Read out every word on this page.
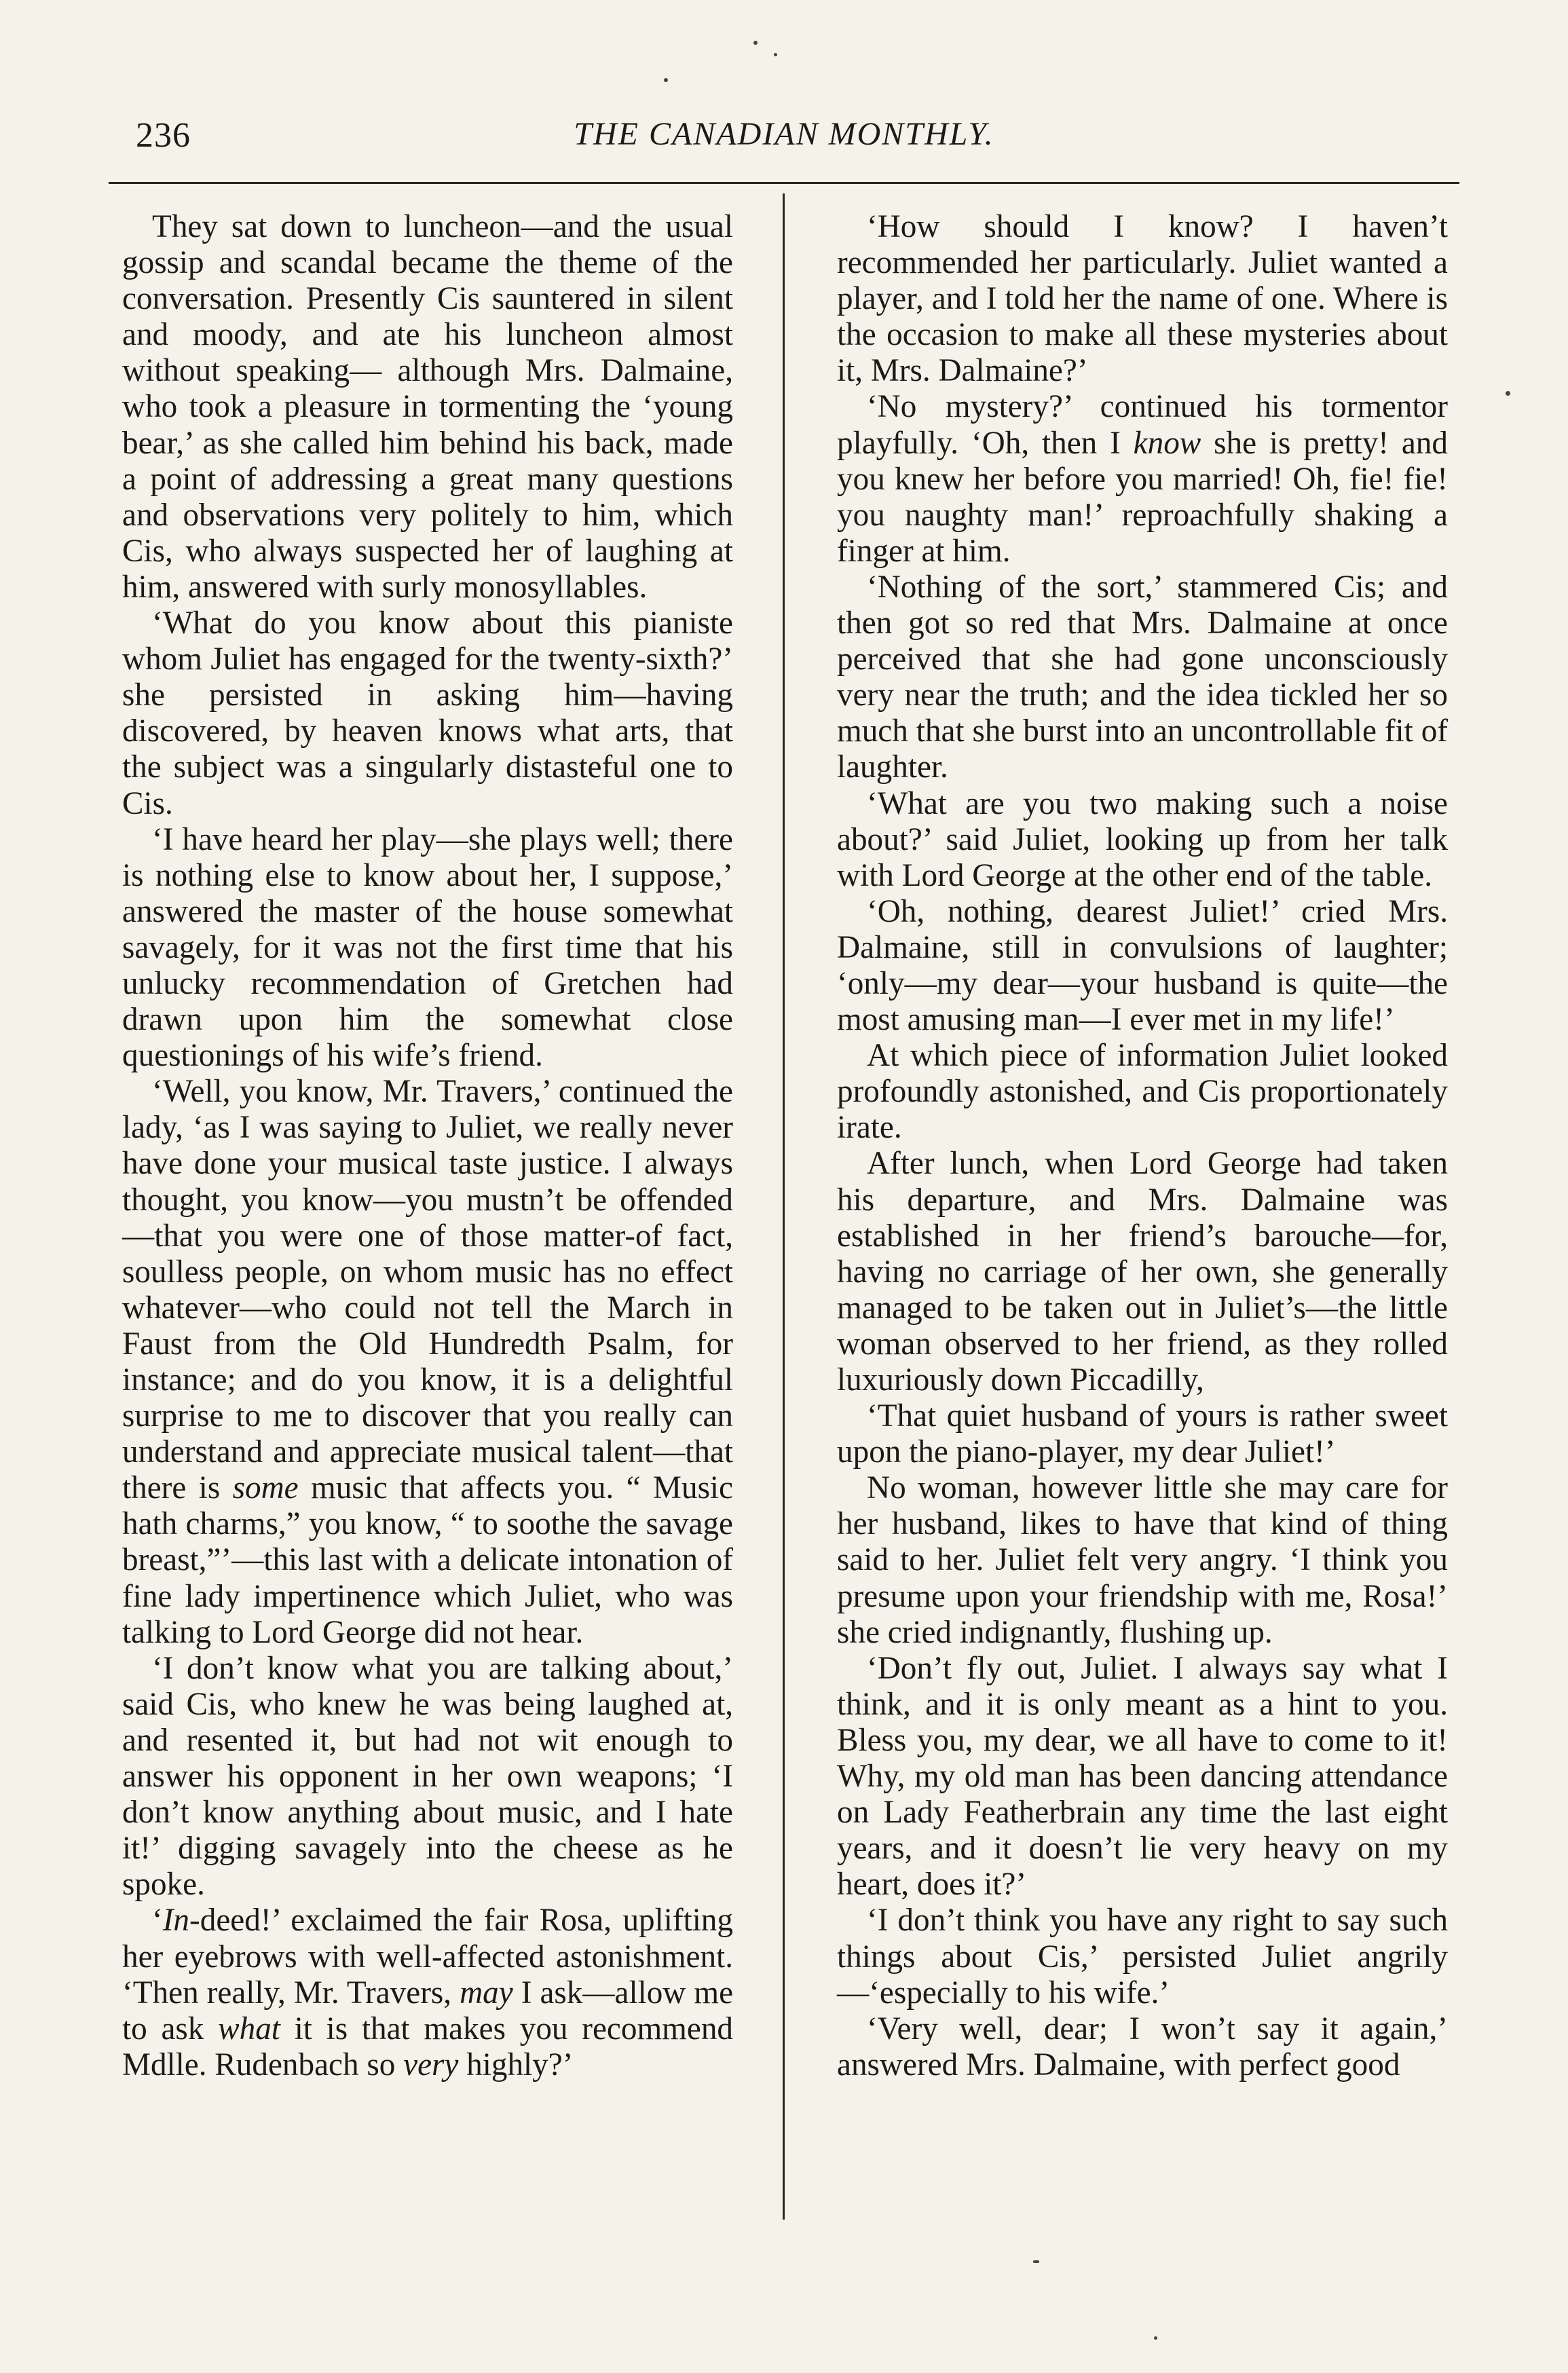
236	THE CANADIAN MONTHLY.

They sat down to luncheon—and the usual gossip and scandal became the theme of the conversation. Presently Cis sauntered in silent and moody, and ate his luncheon almost without speaking— although Mrs. Dalmaine, who took a pleasure in tormenting the ‘young bear,’ as she called him behind his back, made a point of addressing a great many questions and observations very politely to him, which Cis, who always suspected her of laughing at him, answered with surly monosyllables.

‘What do you know about this pianiste whom Juliet has engaged for the twenty-sixth?’ she persisted in asking him—having discovered, by heaven knows what arts, that the subject was a singularly distasteful one to Cis.

‘I have heard her play—she plays well; there is nothing else to know about her, I suppose,’ answered the master of the house somewhat savagely, for it was not the first time that his unlucky recommendation of Gretchen had drawn upon him the somewhat close questionings of his wife’s friend.

‘Well, you know, Mr. Travers,’ continued the lady, ‘as I was saying to Juliet, we really never have done your musical taste justice. I always thought, you know—you mustn’t be offended—that you were one of those matter-of fact, soulless people, on whom music has no effect whatever—who could not tell the March in Faust from the Old Hundredth Psalm, for instance; and do you know, it is a delightful surprise to me to discover that you really can understand and appreciate musical talent—that there is some music that affects you. “ Music hath charms,” you know, “ to soothe the savage breast,”’—this last with a delicate intonation of fine lady impertinence which Juliet, who was talking to Lord George did not hear.

‘I don’t know what you are talking about,’ said Cis, who knew he was being laughed at, and resented it, but had not wit enough to answer his opponent in her own weapons; ‘I don’t know anything about music, and I hate it!’ digging savagely into the cheese as he spoke.

‘In-deed!’ exclaimed the fair Rosa, uplifting her eyebrows with well-affected astonishment. ‘Then really, Mr. Travers, may I ask—allow me to ask what it is that makes you recommend Mdlle. Rudenbach so very highly?’

‘How should I know? I haven’t recommended her particularly. Juliet wanted a player, and I told her the name of one. Where is the occasion to make all these mysteries about it, Mrs. Dalmaine?’

‘No mystery?’ continued his tormentor playfully. ‘Oh, then I know she is pretty! and you knew her before you married! Oh, fie! fie! you naughty man!’ reproachfully shaking a finger at him.

‘Nothing of the sort,’ stammered Cis; and then got so red that Mrs. Dalmaine at once perceived that she had gone unconsciously very near the truth; and the idea tickled her so much that she burst into an uncontrollable fit of laughter.

‘What are you two making such a noise about?’ said Juliet, looking up from her talk with Lord George at the other end of the table.

‘Oh, nothing, dearest Juliet!’ cried Mrs. Dalmaine, still in convulsions of laughter; ‘only—my dear—your husband is quite—the most amusing man—I ever met in my life!’

At which piece of information Juliet looked profoundly astonished, and Cis proportionately irate.

After lunch, when Lord George had taken his departure, and Mrs. Dalmaine was established in her friend’s barouche—for, having no carriage of her own, she generally managed to be taken out in Juliet’s—the little woman observed to her friend, as they rolled luxuriously down Piccadilly,

‘That quiet husband of yours is rather sweet upon the piano-player, my dear Juliet!’

No woman, however little she may care for her husband, likes to have that kind of thing said to her. Juliet felt very angry. ‘I think you presume upon your friendship with me, Rosa!’ she cried indignantly, flushing up.

‘Don’t fly out, Juliet. I always say what I think, and it is only meant as a hint to you. Bless you, my dear, we all have to come to it! Why, my old man has been dancing attendance on Lady Featherbrain any time the last eight years, and it doesn’t lie very heavy on my heart, does it?’

‘I don’t think you have any right to say such things about Cis,’ persisted Juliet angrily—‘especially to his wife.’

‘Very well, dear; I won’t say it again,’ answered Mrs. Dalmaine, with perfect good
